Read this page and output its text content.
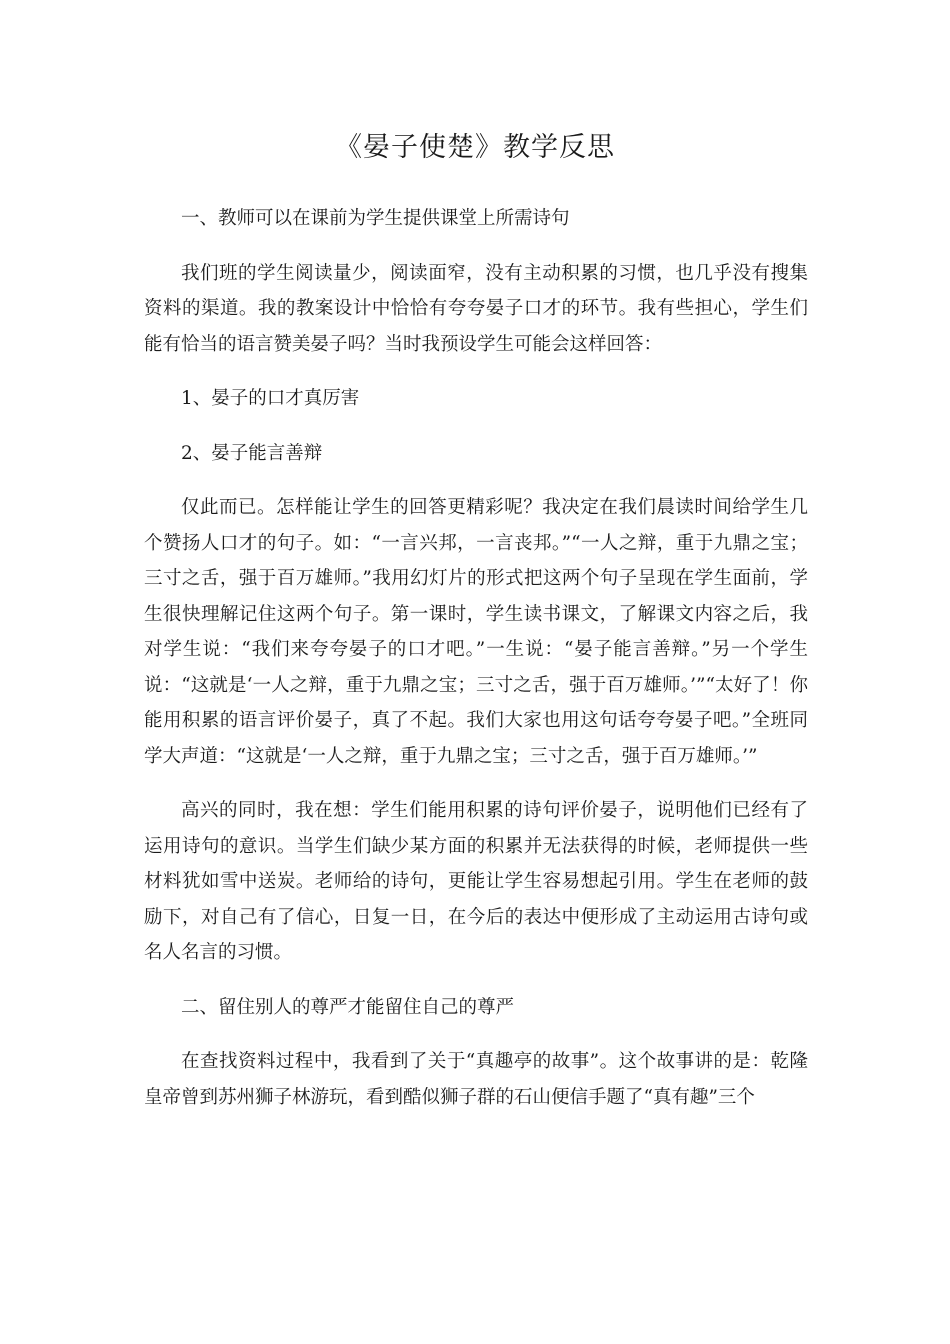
《晏子使楚》教学反思

一、教师可以在课前为学生提供课堂上所需诗句

我们班的学生阅读量少，阅读面窄，没有主动积累的习惯，也几乎没有搜集资料的渠道。我的教案设计中恰恰有夸夸晏子口才的环节。我有些担心，学生们能有恰当的语言赞美晏子吗？当时我预设学生可能会这样回答：

1、晏子的口才真厉害

2、晏子能言善辩

仅此而已。怎样能让学生的回答更精彩呢？我决定在我们晨读时间给学生几个赞扬人口才的句子。如：“一言兴邦，一言丧邦。”“一人之辩，重于九鼎之宝；三寸之舌，强于百万雄师。”我用幻灯片的形式把这两个句子呈现在学生面前，学生很快理解记住这两个句子。第一课时，学生读书课文，了解课文内容之后，我对学生说：“我们来夸夸晏子的口才吧。”一生说：“晏子能言善辩。”另一个学生说：“这就是‘一人之辩，重于九鼎之宝；三寸之舌，强于百万雄师。’”“太好了！你能用积累的语言评价晏子，真了不起。我们大家也用这句话夸夸晏子吧。”全班同学大声道：“这就是‘一人之辩，重于九鼎之宝；三寸之舌，强于百万雄师。’”

高兴的同时，我在想：学生们能用积累的诗句评价晏子，说明他们已经有了运用诗句的意识。当学生们缺少某方面的积累并无法获得的时候，老师提供一些材料犹如雪中送炭。老师给的诗句，更能让学生容易想起引用。学生在老师的鼓励下，对自己有了信心，日复一日，在今后的表达中便形成了主动运用古诗句或名人名言的习惯。

二、留住别人的尊严才能留住自己的尊严

在查找资料过程中，我看到了关于“真趣亭的故事”。这个故事讲的是：乾隆皇帝曾到苏州狮子林游玩，看到酷似狮子群的石山便信手题了“真有趣”三个
